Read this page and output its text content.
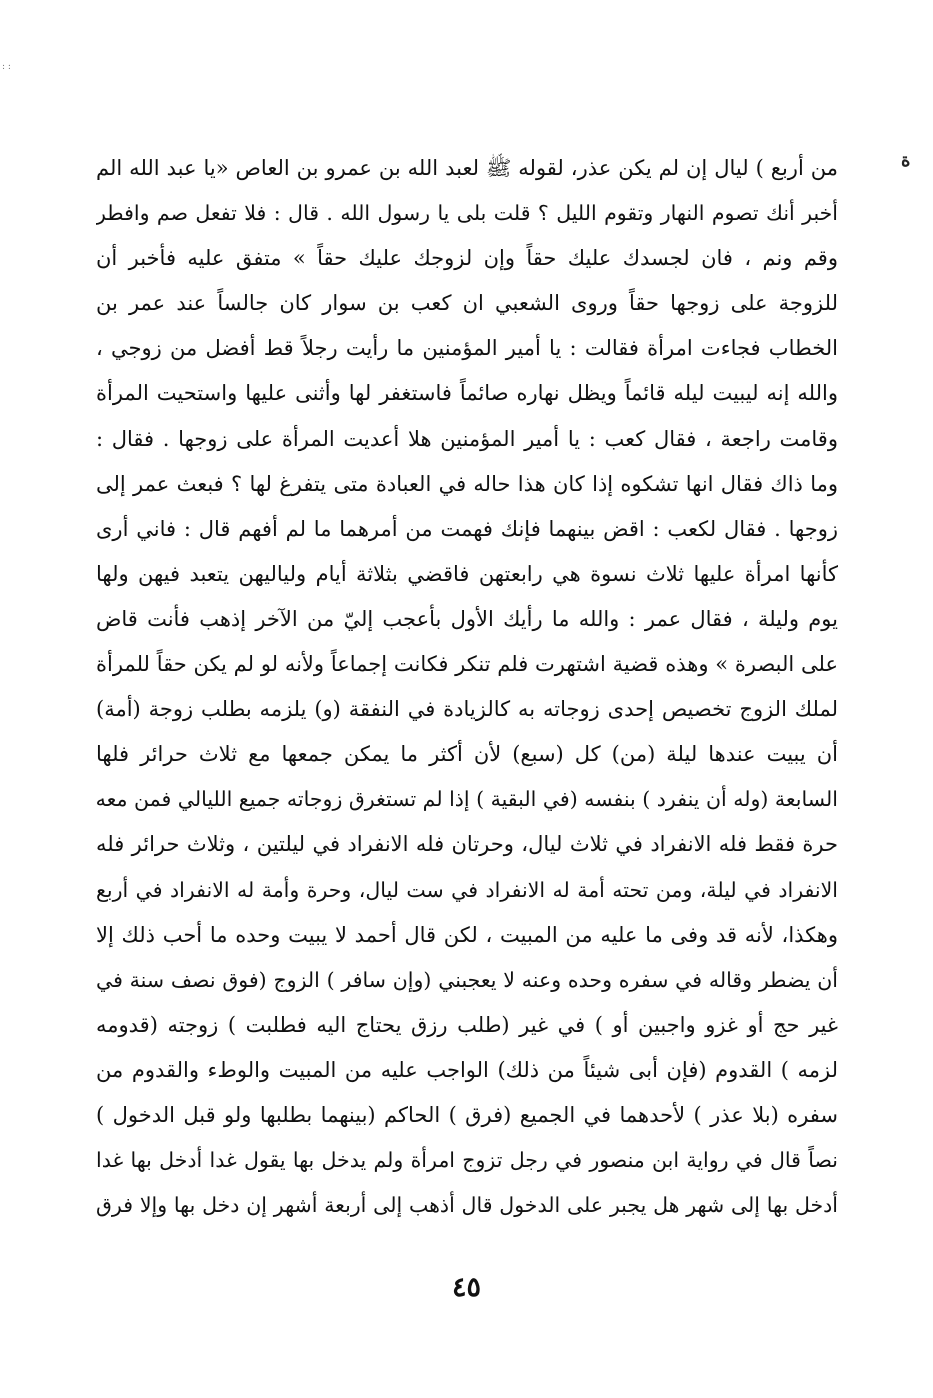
: :
ة
من أربع ) ليال إن لم يكن عذر، لقوله ﷺ لعبد الله بن عمرو بن العاص «يا عبد الله الم
أخبر أنك تصوم النهار وتقوم الليل ؟ قلت بلى يا رسول الله . قال : فلا تفعل صم وافطر
وقم ونم ، فان لجسدك عليك حقاً وإن لزوجك عليك حقاً » متفق عليه فأخبر أن
للزوجة على زوجها حقاً وروى الشعبي ان كعب بن سوار كان جالساً عند عمر بن
الخطاب فجاءت امرأة فقالت : يا أمير المؤمنين ما رأيت رجلاً قط أفضل من زوجي ،
والله إنه ليبيت ليله قائماً ويظل نهاره صائماً فاستغفر لها وأثنى عليها واستحيت المرأة
وقامت راجعة ، فقال كعب : يا أمير المؤمنين هلا أعديت المرأة على زوجها . فقال :
وما ذاك فقال انها تشكوه إذا كان هذا حاله في العبادة متى يتفرغ لها ؟ فبعث عمر إلى
زوجها . فقال لكعب : اقض بينهما فإنك فهمت من أمرهما ما لم أفهم قال : فاني أرى
كأنها امرأة عليها ثلاث نسوة هي رابعتهن فاقضي بثلاثة أيام ولياليهن يتعبد فيهن ولها
يوم وليلة ، فقال عمر : والله ما رأيك الأول بأعجب إليّ من الآخر إذهب فأنت قاض
على البصرة » وهذه قضية اشتهرت فلم تنكر فكانت إجماعاً ولأنه لو لم يكن حقاً للمرأة
لملك الزوج تخصيص إحدى زوجاته به كالزيادة في النفقة (و) يلزمه بطلب زوجة (أمة)
أن يبيت عندها ليلة (من) كل (سبع) لأن أكثر ما يمكن جمعها مع ثلاث حرائر فلها
السابعة (وله أن ينفرد ) بنفسه (في البقية ) إذا لم تستغرق زوجاته جميع الليالي فمن معه
حرة فقط فله الانفراد في ثلاث ليال، وحرتان فله الانفراد في ليلتين ، وثلاث حرائر فله
الانفراد في ليلة، ومن تحته أمة له الانفراد في ست ليال، وحرة وأمة له الانفراد في أربع
وهكذا، لأنه قد وفى ما عليه من المبيت ، لكن قال أحمد لا يبيت وحده ما أحب ذلك إلا
أن يضطر وقاله في سفره وحده وعنه لا يعجبني (وإن سافر ) الزوج (فوق نصف سنة في
غير حج أو غزو واجبين أو ) في غير (طلب رزق يحتاج اليه فطلبت ) زوجته (قدومه
لزمه ) القدوم (فإن أبى شيئاً من ذلك) الواجب عليه من المبيت والوطء والقدوم من
سفره (بلا عذر ) لأحدهما في الجميع (فرق ) الحاكم (بينهما بطلبها ولو قبل الدخول )
نصاً قال في رواية ابن منصور في رجل تزوج امرأة ولم يدخل بها يقول غدا أدخل بها غدا
أدخل بها إلى شهر هل يجبر على الدخول قال أذهب إلى أربعة أشهر إن دخل بها وإلا فرق
٤٥
